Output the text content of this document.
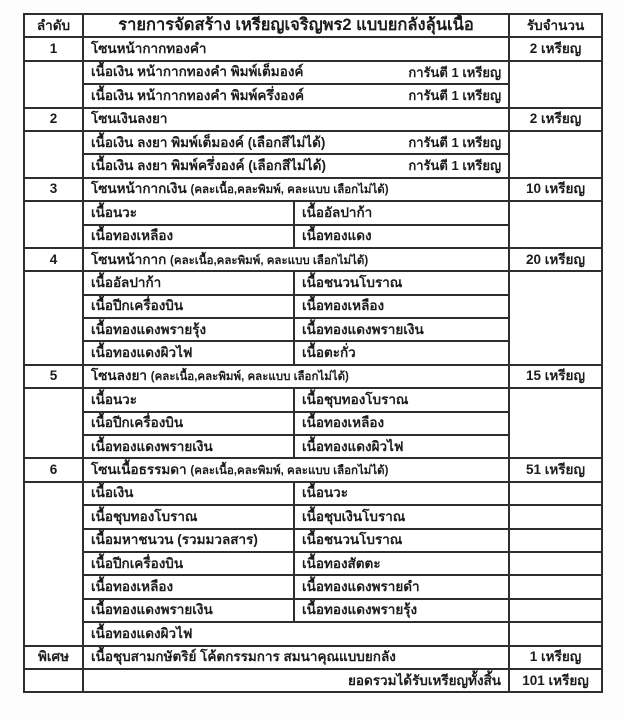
ลำดับ	รายการจัดสร้าง เหรียญเจริญพร2 แบบยกลังลุ้นเนื้อ		รับจำนวน
1	โซนหน้ากากทองคำ		2 เหรียญ

	เนื้อเงิน หน้ากากทองคำ พิมพ์เต็มองค์ การันตี 1 เหรียญ		

	เนื้อเงิน หน้ากากทองคำ พิมพ์ครึ่งองค์ การันตี 1 เหรียญ		

2	โซนเงินลงยา		2 เหรียญ

	เนื้อเงิน ลงยา พิมพ์เต็มองค์ (เลือกสีไม่ได้) การันตี 1 เหรียญ		

	เนื้อเงิน ลงยา พิมพ์ครึ่งองค์ (เลือกสีไม่ได้) การันตี 1 เหรียญ		

3	โซนหน้ากากเงิน (คละเนื้อ,คละพิมพ์, คละแบบ เลือกไม่ได้)		10 เหรียญ
	เนื้อนวะ	เนื้ออัลปาก้า	
	เนื้อทองเหลือง	เนื้อทองแดง	
4	โซนหน้ากาก (คละเนื้อ,คละพิมพ์, คละแบบ เลือกไม่ได้)		20 เหรียญ
	เนื้ออัลปาก้า	เนื้อชนวนโบราณ	
	เนื้อปีกเครื่องบิน	เนื้อทองเหลือง	
	เนื้อทองแดงพรายรุ้ง	เนื้อทองแดงพรายเงิน	
	เนื้อทองแดงผิวไฟ	เนื้อตะกั่ว	
5	โซนลงยา (คละเนื้อ,คละพิมพ์, คละแบบ เลือกไม่ได้)		15 เหรียญ
	เนื้อนวะ	เนื้อชุบทองโบราณ	
	เนื้อปีกเครื่องบิน	เนื้อทองเหลือง	
	เนื้อทองแดงพรายเงิน	เนื้อทองแดงผิวไฟ	
6	โซนเนื้อธรรมดา (คละเนื้อ,คละพิมพ์, คละแบบ เลือกไม่ได้)		51 เหรียญ
	เนื้อเงิน	เนื้อนวะ	
	เนื้อชุบทองโบราณ	เนื้อชุบเงินโบราณ	
	เนื้อมหาชนวน (รวมมวลสาร)	เนื้อชนวนโบราณ	
	เนื้อปีกเครื่องบิน	เนื้อทองสัตตะ	
	เนื้อทองเหลือง	เนื้อทองแดงพรายดำ	
	เนื้อทองแดงพรายเงิน	เนื้อทองแดงพรายรุ้ง	
	เนื้อทองแดงผิวไฟ		
พิเศษ	เนื้อชุบสามกษัตริย์ โค้ตกรรมการ สมนาคุณแบบยกลัง		1 เหรียญ
	ยอดรวมได้รับเหรียญทั้งสิ้น		101 เหรียญ
